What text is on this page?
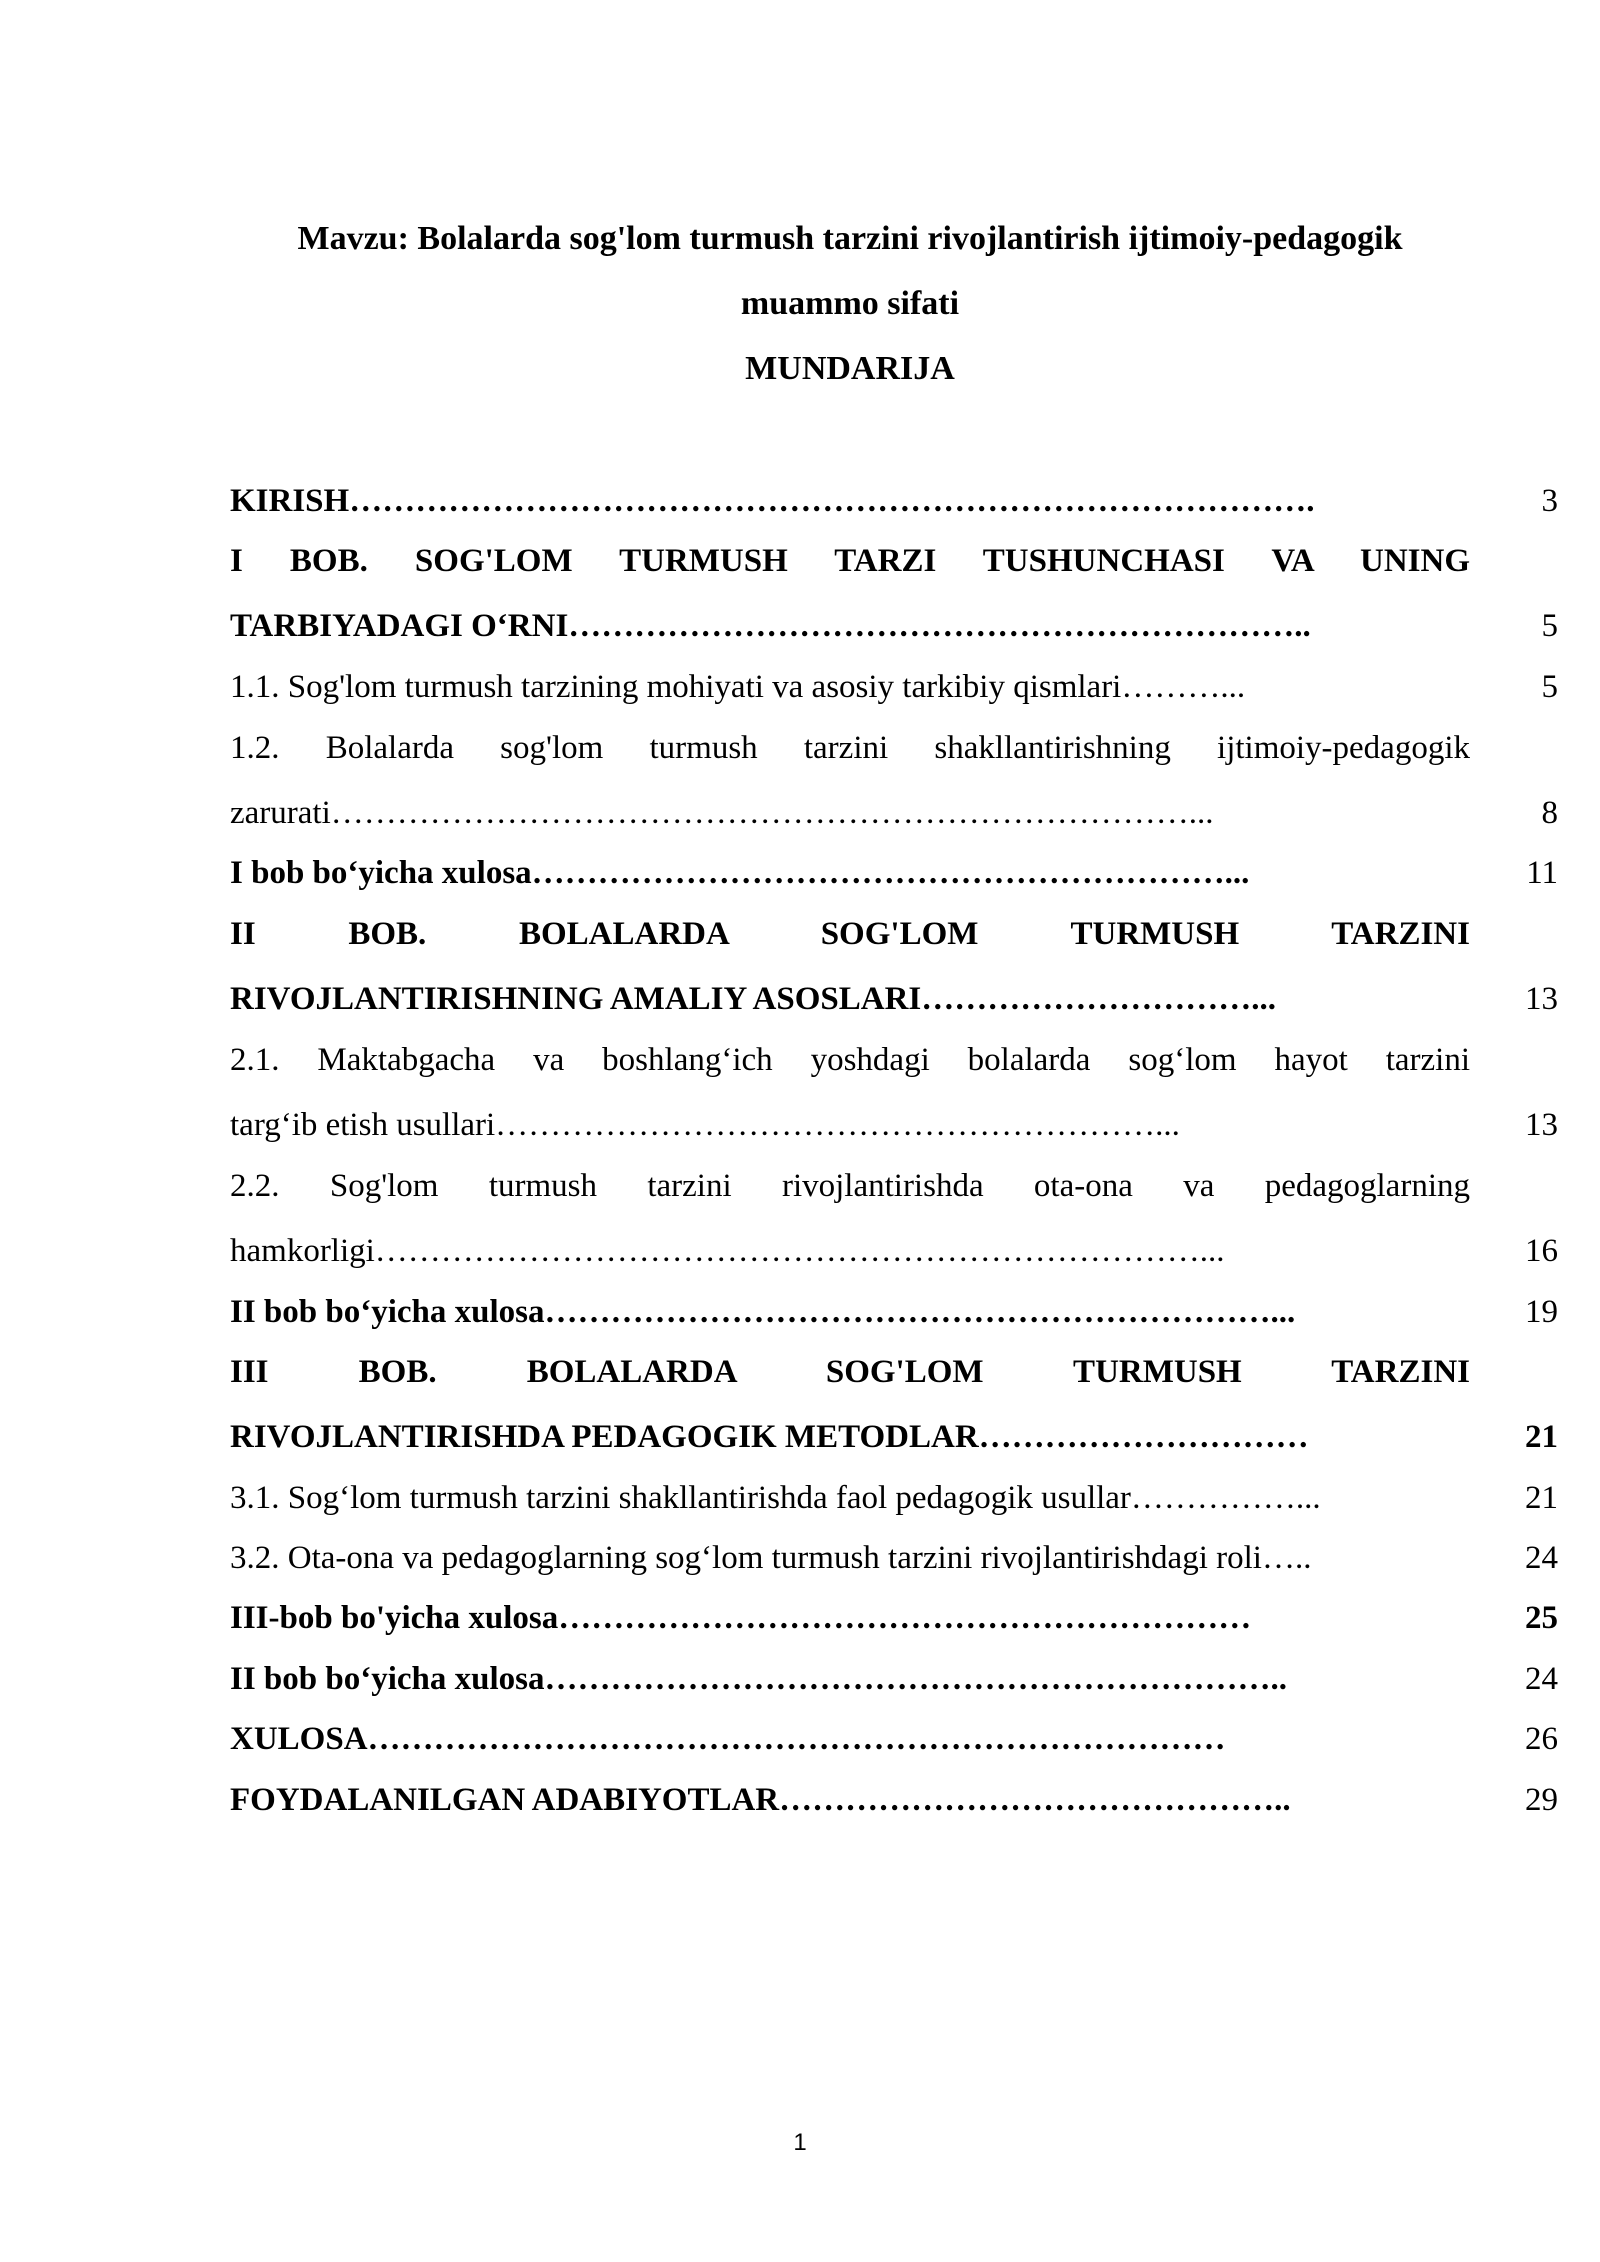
Mavzu: Bolalarda sog'lom turmush tarzini rivojlantirish ijtimoiy-pedagogik
muammo sifati
MUNDARIJA
KIRISH…………………………………………………………………………….	3
I BOB. SOG'LOM TURMUSH TARZI TUSHUNCHASI VA UNING
TARBIYADAGI O‘RNI…………………………………………………………..	5
1.1. Sog'lom turmush tarzining mohiyati va asosiy tarkibiy qismlari………...	5
1.2. Bolalarda sog'lom turmush tarzini shakllantirishning ijtimoiy-pedagogik
zarurati……………………………………………………………………...	8
I bob bo‘yicha xulosa………………………………………………………...	11
II BOB. BOLALARDA SOG'LOM TURMUSH TARZINI
RIVOJLANTIRISHNING AMALIY ASOSLARI…………………………...	13
2.1. Maktabgacha va boshlang‘ich yoshdagi bolalarda sog‘lom hayot tarzini
targ‘ib etish usullari……………………………………………………...	13
2.2. Sog'lom turmush tarzini rivojlantirishda ota-ona va pedagoglarning
hamkorligi…………………………………………………………………...	16
II bob bo‘yicha xulosa…………………………………………………………...	19
III BOB. BOLALARDA SOG'LOM TURMUSH TARZINI
RIVOJLANTIRISHDA PEDAGOGIK METODLAR…………………………	21
3.1. Sog‘lom turmush tarzini shakllantirishda faol pedagogik usullar……………...	21
3.2. Ota-ona va pedagoglarning sog‘lom turmush tarzini rivojlantirishdagi roli…..	24
III-bob bo'yicha xulosa………………………………………………………	25
II bob bo‘yicha xulosa…………………………………………………………..	24
XULOSA……………………………………………………………………	26
FOYDALANILGAN ADABIYOTLAR………………………………………..	29
1
